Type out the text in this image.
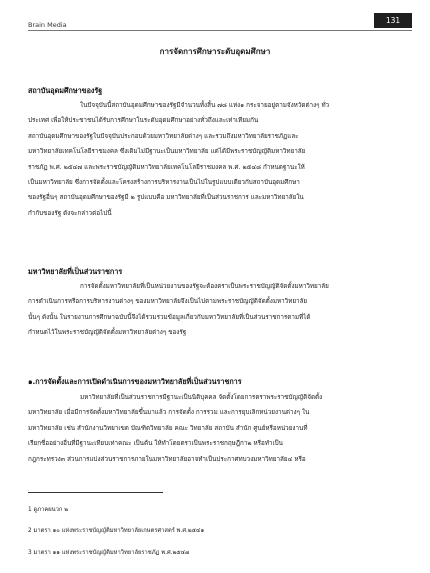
Brain Media	131
การจัดการศึกษาระดับอุดมศึกษา
สถาบันอุดมศึกษาของรัฐ
ในปัจจุบันนี้สถาบันอุดมศึกษาของรัฐมีจำนวนทั้งสิ้น ๗๘ แห่ง๑ กระจายอยู่ตามจังหวัดต่างๆ ทั่ว
ประเทศ เพื่อให้ประชาชนได้รับการศึกษาในระดับอุดมศึกษาอย่างทั่วถึงและเท่าเทียมกัน
สถาบันอุดมศึกษาของรัฐในปัจจุบันประกอบด้วยมหาวิทยาลัยต่างๆ และรวมถึงมหาวิทยาลัยราชภัฏและ
มหาวิทยาลัยเทคโนโลยีราชมงคล ซึ่งเดิมไม่มีฐานะเป็นมหาวิทยาลัย แต่ได้มีพระราชบัญญัติมหาวิทยาลัย
ราชภัฏ พ.ศ. ๒๕๔๗ และพระราชบัญญัติมหาวิทยาลัยเทคโนโลยีราชมงคล พ.ศ. ๒๕๔๘ กำหนดฐานะให้
เป็นมหาวิทยาลัย ซึ่งการจัดตั้งและโครงสร้างการบริหารงานเป็นไปในรูปแบบเดียวกับสถาบันอุดมศึกษา
ของรัฐอื่นๆ สถาบันอุดมศึกษาของรัฐมี ๒ รูปแบบคือ มหาวิทยาลัยที่เป็นส่วนราชการ และมหาวิทยาลัยใน
กำกับของรัฐ ดังจะกล่าวต่อไปนี้
มหาวิทยาลัยที่เป็นส่วนราชการ
การจัดตั้งมหาวิทยาลัยที่เป็นหน่วยงานของรัฐจะต้องตราเป็นพระราชบัญญัติจัดตั้งมหาวิทยาลัย
การดำเนินการหรือการบริหารงานต่างๆ ของมหาวิทยาลัยจึงเป็นไปตามพระราชบัญญัติจัดตั้งมหาวิทยาลัย
นั้นๆ ดังนั้น ในรายงานการศึกษาฉบับนี้จึงได้รวมรวมข้อมูลเกี่ยวกับมหาวิทยาลัยที่เป็นส่วนราชการตามที่ได้
กำหนดไว้ในพระราชบัญญัติจัดตั้งมหาวิทยาลัยต่างๆ ของรัฐ
๑.การจัดตั้งและการเปิดดำเนินการของมหาวิทยาลัยที่เป็นส่วนราชการ
มหาวิทยาลัยที่เป็นส่วนราชการมีฐานะเป็นนิติบุคคล จัดตั้งโดยการตราพระราชบัญญัติจัดตั้ง
มหาวิทยาลัย เมื่อมีการจัดตั้งมหาวิทยาลัยขึ้นมาแล้ว การจัดตั้ง การรวม และการยุบเลิกหน่วยงานต่างๆ ใน
มหาวิทยาลัย เช่น สำนักงานวิทยาเขต บัณฑิตวิทยาลัย คณะ วิทยาลัย สถาบัน สำนัก ศูนย์หรือหน่วยงานที่
เรียกชื่ออย่างอื่นที่มีฐานะเทียบเท่าคณะ เป็นต้น ให้ทำโดยตราเป็นพระราชกฤษฎีกา๒ หรือทำเป็น
กฎกระทรวง๓ ส่วนการแบ่งส่วนราชการภายในมหาวิทยาลัยอาจทำเป็นประกาศทบวงมหาวิทยาลัย๔ หรือ
1 ดูภาคผนวก ๒
2 มาตรา ๑๐ แห่งพระราชบัญญัติมหาวิทยาลัยเกษตรศาสตร์ พ.ศ.๒๕๔๑
3 มาตรา ๑๑ แห่งพระราชบัญญัติมหาวิทยาลัยราชภัฏ พ.ศ.๒๕๔๗
